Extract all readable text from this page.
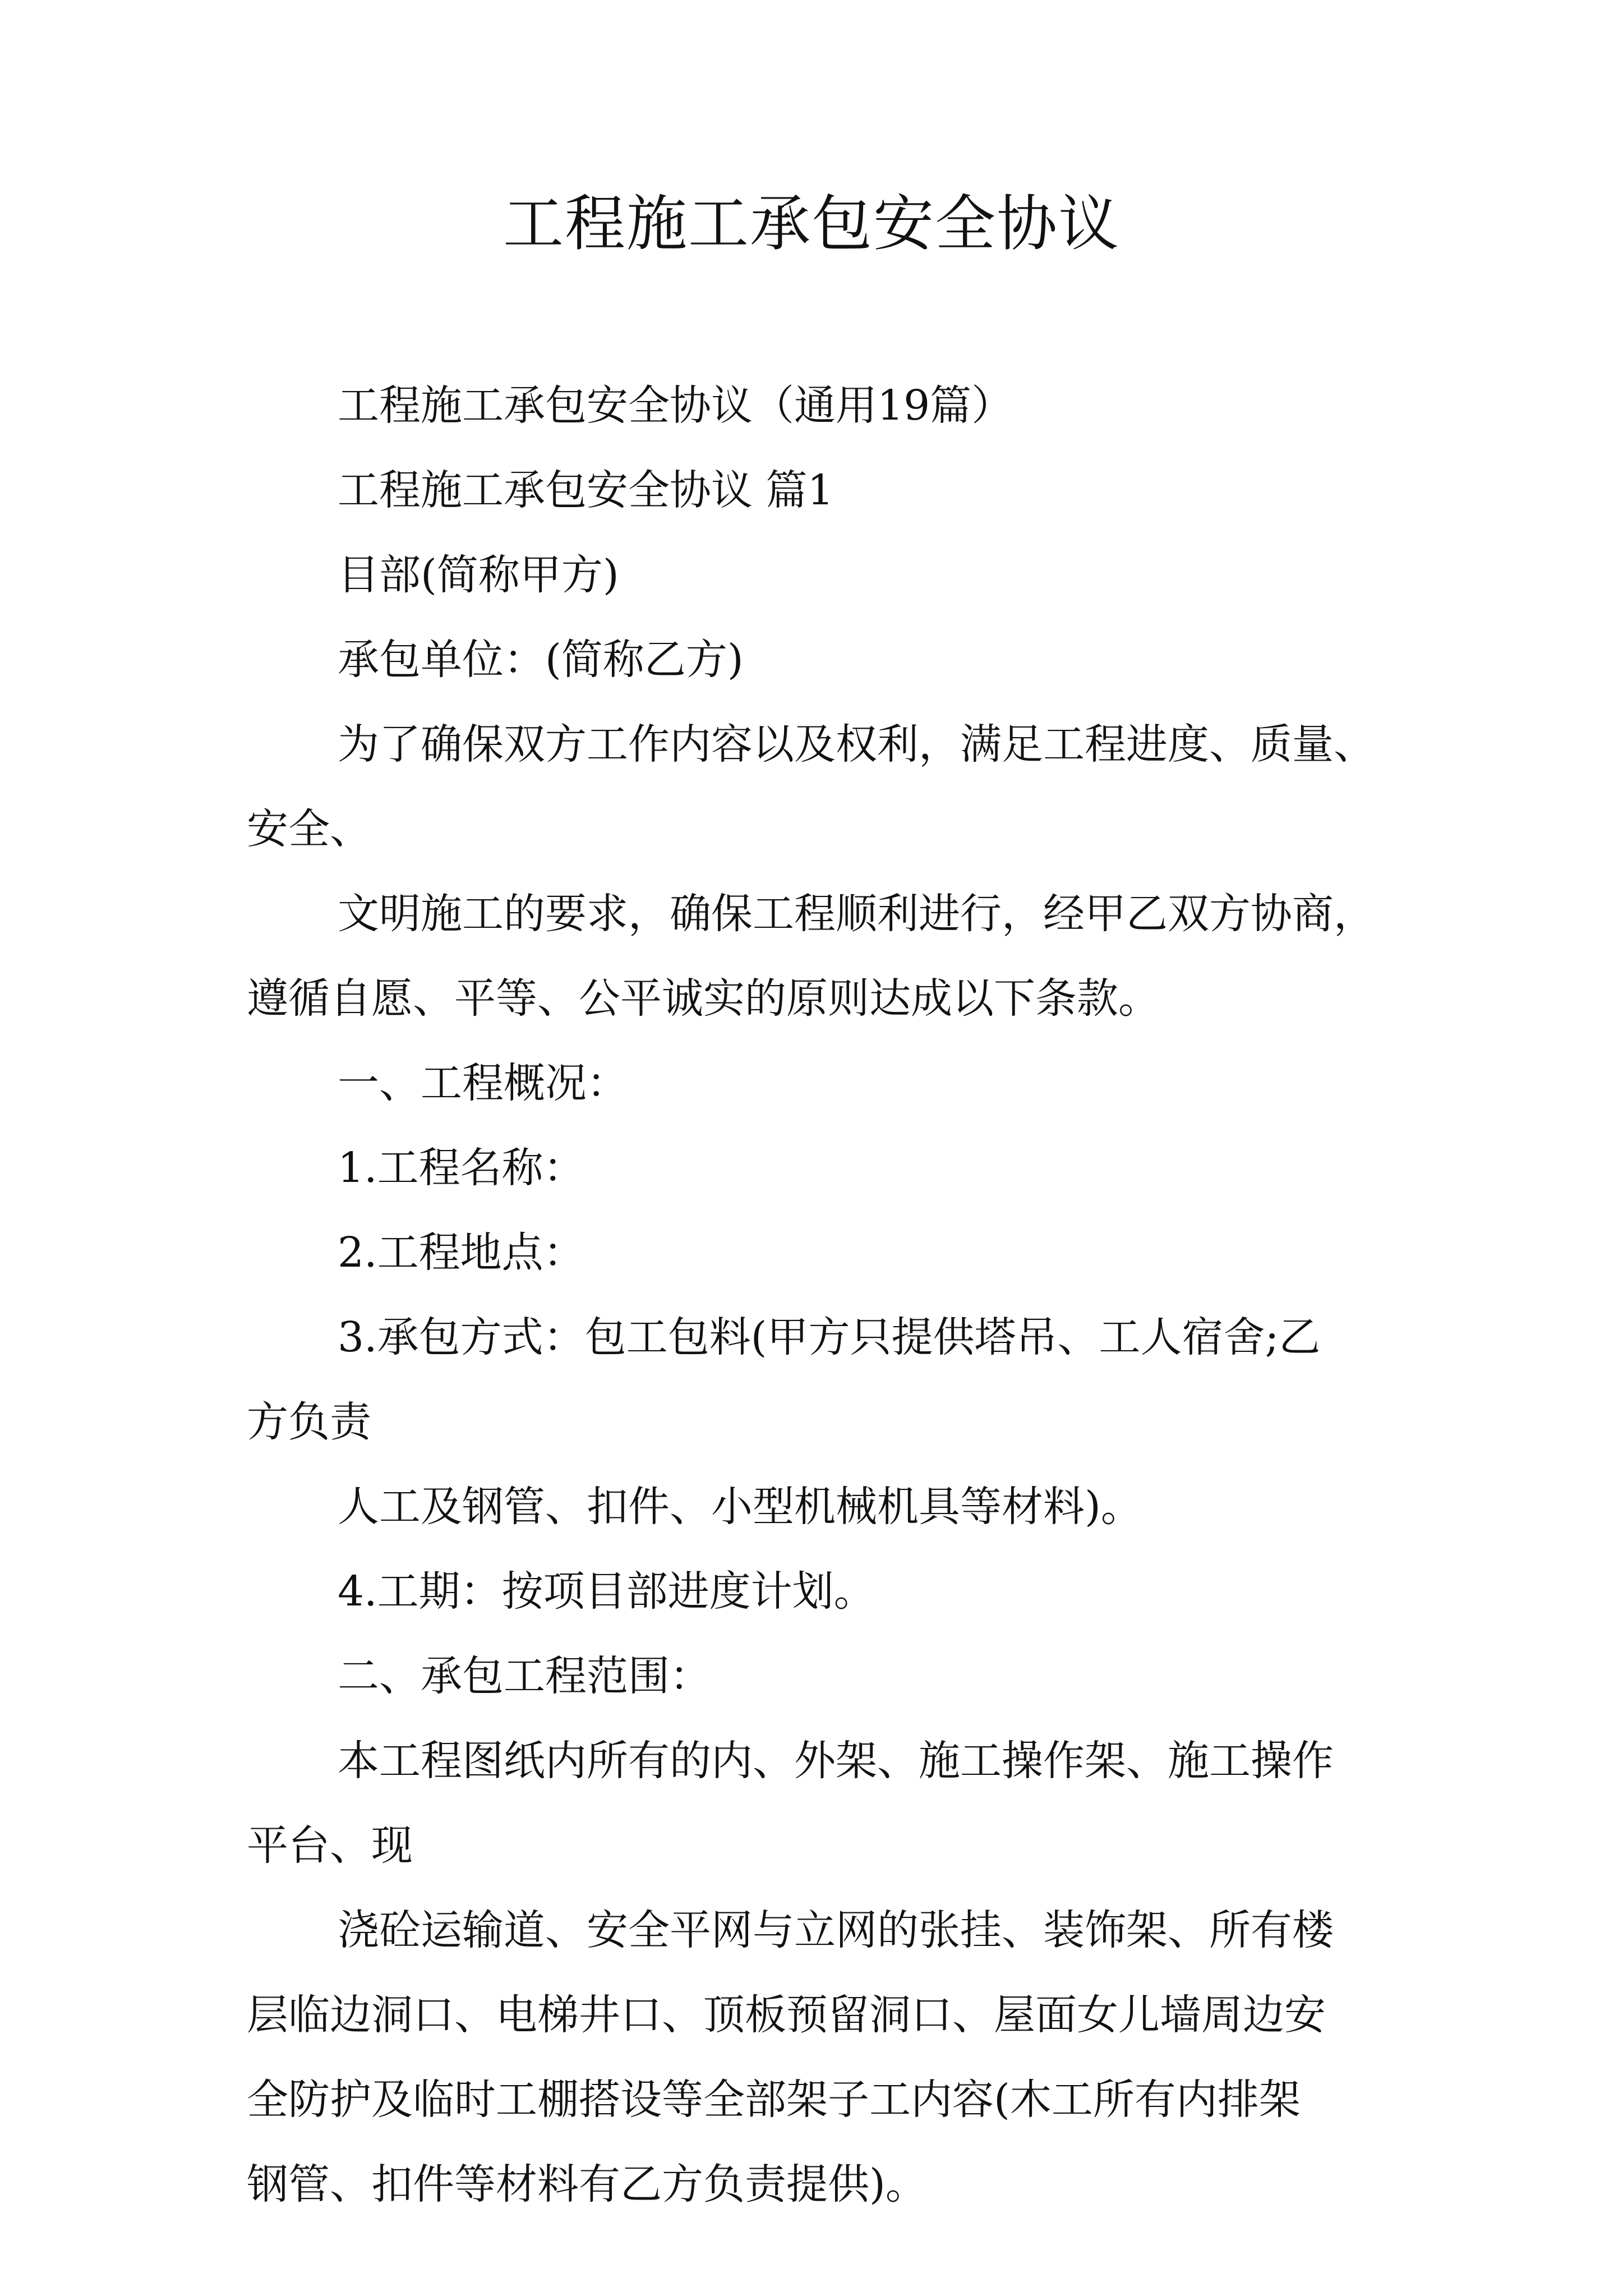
工程施工承包安全协议

工程施工承包安全协议（通用19篇）

工程施工承包安全协议 篇1

目部(简称甲方)

承包单位：(简称乙方)

为了确保双方工作内容以及权利，满足工程进度、质量、

安全、

文明施工的要求，确保工程顺利进行，经甲乙双方协商，

遵循自愿、平等、公平诚实的原则达成以下条款。

一、工程概况：

1.工程名称：

2.工程地点：

3.承包方式：包工包料(甲方只提供塔吊、工人宿舍;乙

方负责

人工及钢管、扣件、小型机械机具等材料)。

4.工期：按项目部进度计划。

二、承包工程范围：

本工程图纸内所有的内、外架、施工操作架、施工操作

平台、现

浇砼运输道、安全平网与立网的张挂、装饰架、所有楼

层临边洞口、电梯井口、顶板预留洞口、屋面女儿墙周边安

全防护及临时工棚搭设等全部架子工内容(木工所有内排架

钢管、扣件等材料有乙方负责提供)。
